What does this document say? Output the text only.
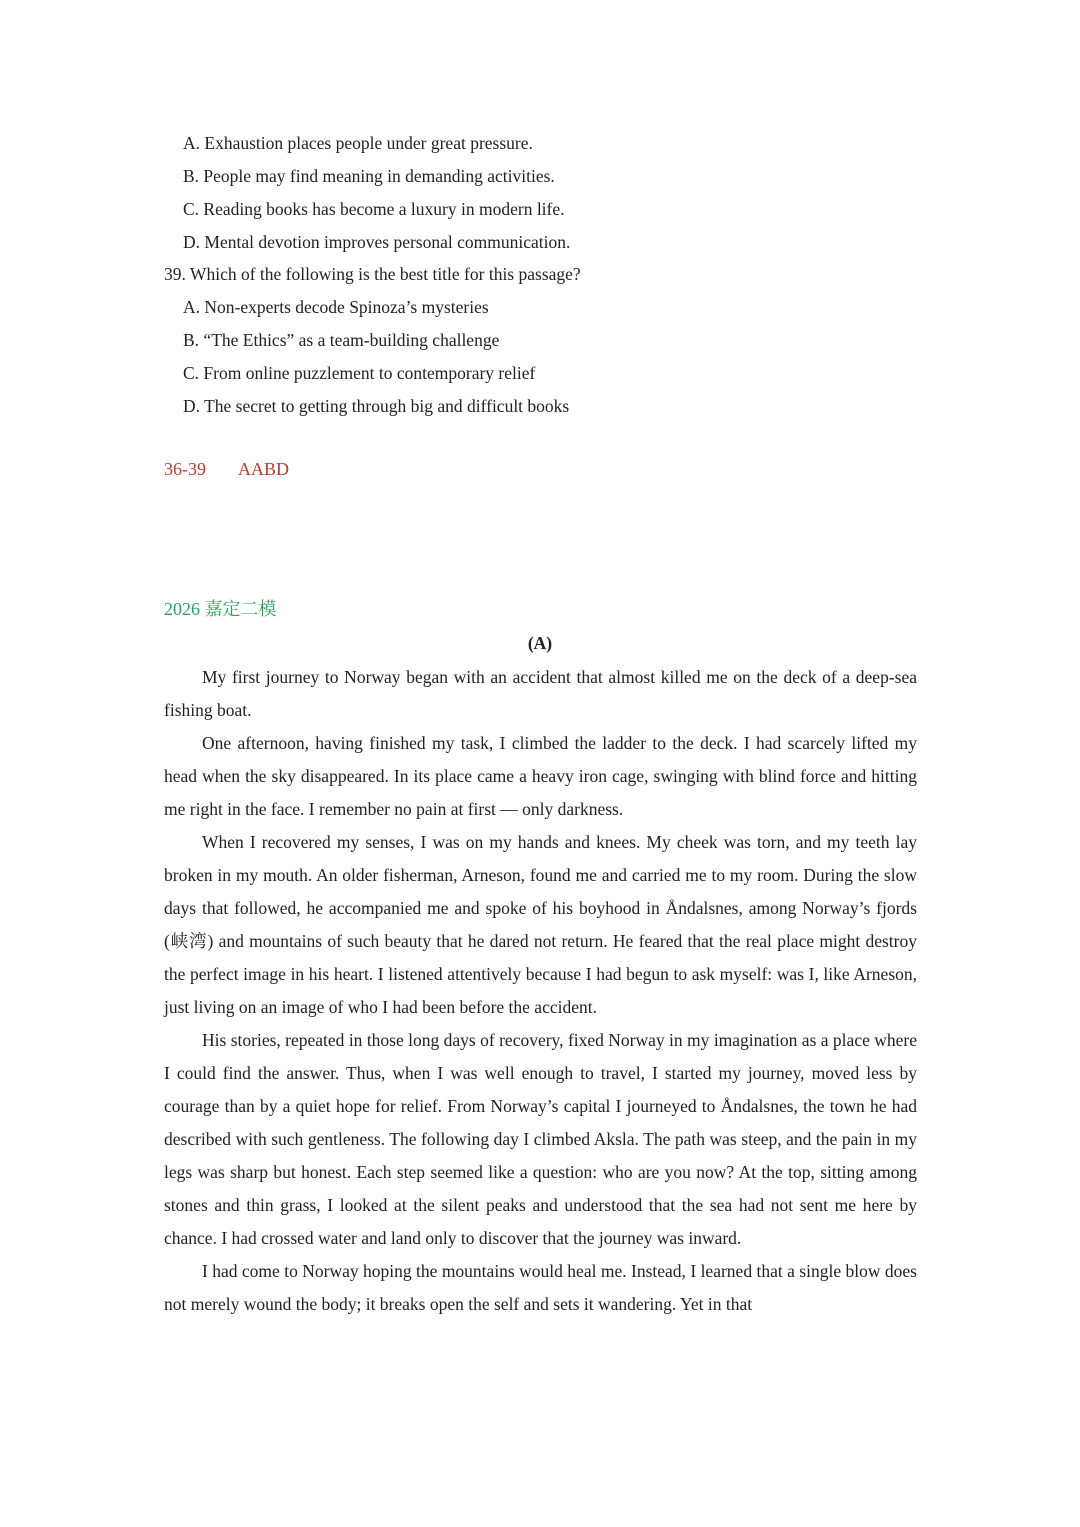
A. Exhaustion places people under great pressure.
B. People may find meaning in demanding activities.
C. Reading books has become a luxury in modern life.
D. Mental devotion improves personal communication.
39. Which of the following is the best title for this passage?
A. Non-experts decode Spinoza’s mysteries
B. “The Ethics” as a team-building challenge
C. From online puzzlement to contemporary relief
D. The secret to getting through big and difficult books
36-39 AABD
2026 嘉定二模
(A)

My first journey to Norway began with an accident that almost killed me on the deck of a deep-sea fishing boat.

One afternoon, having finished my task, I climbed the ladder to the deck. I had scarcely lifted my head when the sky disappeared. In its place came a heavy iron cage, swinging with blind force and hitting me right in the face. I remember no pain at first — only darkness.

When I recovered my senses, I was on my hands and knees. My cheek was torn, and my teeth lay broken in my mouth. An older fisherman, Arneson, found me and carried me to my room. During the slow days that followed, he accompanied me and spoke of his boyhood in Åndalsnes, among Norway’s fjords (峡湾) and mountains of such beauty that he dared not return. He feared that the real place might destroy the perfect image in his heart. I listened attentively because I had begun to ask myself: was I, like Arneson, just living on an image of who I had been before the accident.

His stories, repeated in those long days of recovery, fixed Norway in my imagination as a place where I could find the answer. Thus, when I was well enough to travel, I started my journey, moved less by courage than by a quiet hope for relief. From Norway’s capital I journeyed to Åndalsnes, the town he had described with such gentleness. The following day I climbed Aksla. The path was steep, and the pain in my legs was sharp but honest. Each step seemed like a question: who are you now? At the top, sitting among stones and thin grass, I looked at the silent peaks and understood that the sea had not sent me here by chance. I had crossed water and land only to discover that the journey was inward.

I had come to Norway hoping the mountains would heal me. Instead, I learned that a single blow does not merely wound the body; it breaks open the self and sets it wandering. Yet in that
